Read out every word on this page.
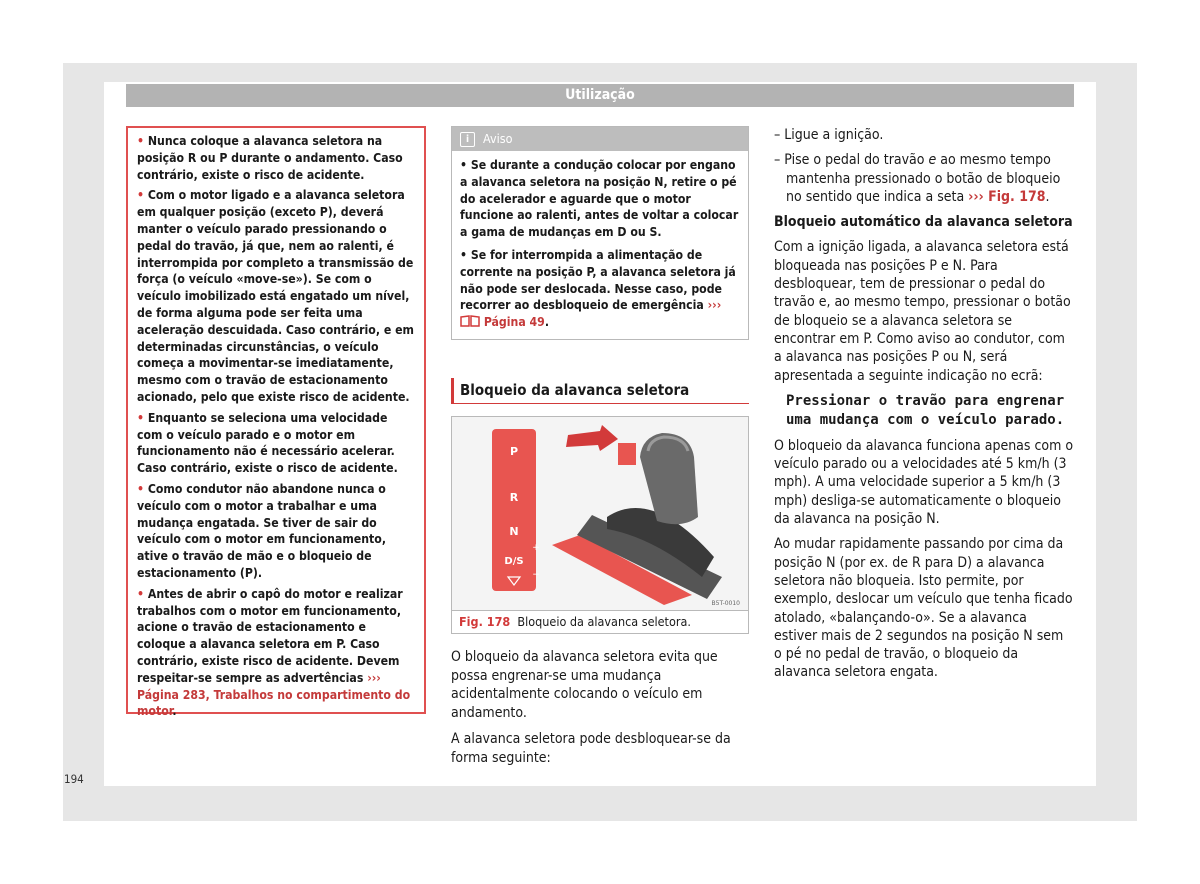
Utilização

• Nunca coloque a alavanca seletora na posição R ou P durante o andamento. Caso contrário, existe o risco de acidente.

• Com o motor ligado e a alavanca seletora em qualquer posição (exceto P), deverá manter o veículo parado pressionando o pedal do travão, já que, nem ao ralenti, é interrompida por completo a transmissão de força (o veículo «move-se»). Se com o veículo imobilizado está engatado um nível, de forma alguma pode ser feita uma aceleração descuidada. Caso contrário, e em determinadas circunstâncias, o veículo começa a movimentar-se imediatamente, mesmo com o travão de estacionamento acionado, pelo que existe risco de acidente.

• Enquanto se seleciona uma velocidade com o veículo parado e o motor em funcionamento não é necessário acelerar. Caso contrário, existe o risco de acidente.

• Como condutor não abandone nunca o veículo com o motor a trabalhar e uma mudança engatada. Se tiver de sair do veículo com o motor em funcionamento, ative o travão de mão e o bloqueio de estacionamento (P).

• Antes de abrir o capô do motor e realizar trabalhos com o motor em funcionamento, acione o travão de estacionamento e coloque a alavanca seletora em P. Caso contrário, existe risco de acidente. Devem respeitar-se sempre as advertências ››› Página 283, Trabalhos no compartimento do motor.

i Aviso

• Se durante a condução colocar por engano a alavanca seletora na posição N, retire o pé do acelerador e aguarde que o motor funcione ao ralenti, antes de voltar a colocar a gama de mudanças em D ou S.

• Se for interrompida a alimentação de corrente na posição P, a alavanca seletora já não pode ser deslocada. Nesse caso, pode recorrer ao desbloqueio de emergência ›››  Página 49.

Bloqueio da alavanca seletora
P
R
N
D/S
+
−
B5T-0010
Fig. 178 Bloqueio da alavanca seletora.

O bloqueio da alavanca seletora evita que possa engrenar-se uma mudança acidentalmente colocando o veículo em andamento.

A alavanca seletora pode desbloquear-se da forma seguinte:

– Ligue a ignição.

– Pise o pedal do travão e ao mesmo tempo mantenha pressionado o botão de bloqueio no sentido que indica a seta ››› Fig. 178.

Bloqueio automático da alavanca seletora

Com a ignição ligada, a alavanca seletora está bloqueada nas posições P e N. Para desbloquear, tem de pressionar o pedal do travão e, ao mesmo tempo, pressionar o botão de bloqueio se a alavanca seletora se encontrar em P. Como aviso ao condutor, com a alavanca nas posições P ou N, será apresentada a seguinte indicação no ecrã:

Pressionar o travão para engrenar uma mudança com o veículo parado.

O bloqueio da alavanca funciona apenas com o veículo parado ou a velocidades até 5 km/h (3 mph). A uma velocidade superior a 5 km/h (3 mph) desliga-se automaticamente o bloqueio da alavanca na posição N.

Ao mudar rapidamente passando por cima da posição N (por ex. de R para D) a alavanca seletora não bloqueia. Isto permite, por exemplo, deslocar um veículo que tenha ficado atolado, «balançando-o». Se a alavanca estiver mais de 2 segundos na posição N sem o pé no pedal de travão, o bloqueio da alavanca seletora engata.

194
